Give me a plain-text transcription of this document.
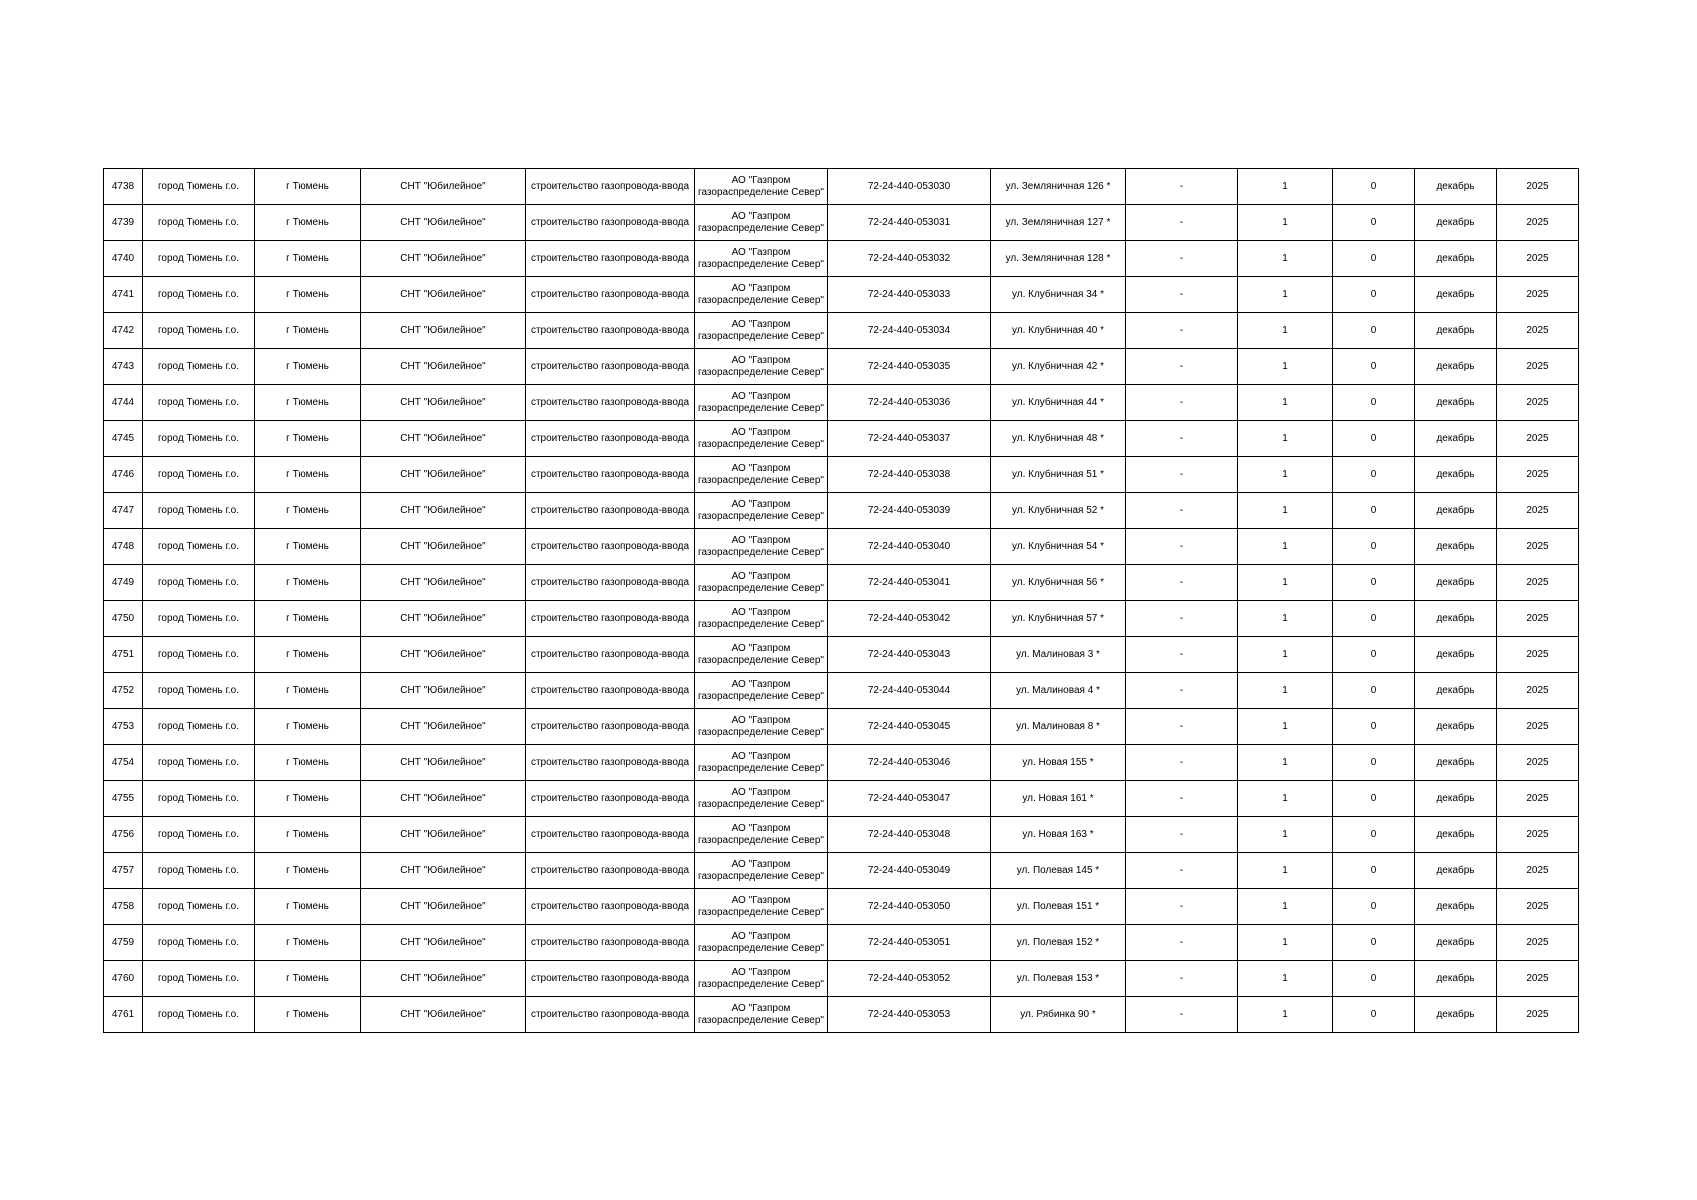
4738	город Тюмень г.о.	г Тюмень	СНТ "Юбилейное"	строительство газопровода-ввода	АО "Газпром газораспределение Север"	72-24-440-053030	ул. Земляничная 126 *	-	1	0	декабрь	2025
4739	город Тюмень г.о.	г Тюмень	СНТ "Юбилейное"	строительство газопровода-ввода	АО "Газпром газораспределение Север"	72-24-440-053031	ул. Земляничная 127 *	-	1	0	декабрь	2025
4740	город Тюмень г.о.	г Тюмень	СНТ "Юбилейное"	строительство газопровода-ввода	АО "Газпром газораспределение Север"	72-24-440-053032	ул. Земляничная 128 *	-	1	0	декабрь	2025
4741	город Тюмень г.о.	г Тюмень	СНТ "Юбилейное"	строительство газопровода-ввода	АО "Газпром газораспределение Север"	72-24-440-053033	ул. Клубничная 34 *	-	1	0	декабрь	2025
4742	город Тюмень г.о.	г Тюмень	СНТ "Юбилейное"	строительство газопровода-ввода	АО "Газпром газораспределение Север"	72-24-440-053034	ул. Клубничная 40 *	-	1	0	декабрь	2025
4743	город Тюмень г.о.	г Тюмень	СНТ "Юбилейное"	строительство газопровода-ввода	АО "Газпром газораспределение Север"	72-24-440-053035	ул. Клубничная 42 *	-	1	0	декабрь	2025
4744	город Тюмень г.о.	г Тюмень	СНТ "Юбилейное"	строительство газопровода-ввода	АО "Газпром газораспределение Север"	72-24-440-053036	ул. Клубничная 44 *	-	1	0	декабрь	2025
4745	город Тюмень г.о.	г Тюмень	СНТ "Юбилейное"	строительство газопровода-ввода	АО "Газпром газораспределение Север"	72-24-440-053037	ул. Клубничная 48 *	-	1	0	декабрь	2025
4746	город Тюмень г.о.	г Тюмень	СНТ "Юбилейное"	строительство газопровода-ввода	АО "Газпром газораспределение Север"	72-24-440-053038	ул. Клубничная 51 *	-	1	0	декабрь	2025
4747	город Тюмень г.о.	г Тюмень	СНТ "Юбилейное"	строительство газопровода-ввода	АО "Газпром газораспределение Север"	72-24-440-053039	ул. Клубничная 52 *	-	1	0	декабрь	2025
4748	город Тюмень г.о.	г Тюмень	СНТ "Юбилейное"	строительство газопровода-ввода	АО "Газпром газораспределение Север"	72-24-440-053040	ул. Клубничная 54 *	-	1	0	декабрь	2025
4749	город Тюмень г.о.	г Тюмень	СНТ "Юбилейное"	строительство газопровода-ввода	АО "Газпром газораспределение Север"	72-24-440-053041	ул. Клубничная 56 *	-	1	0	декабрь	2025
4750	город Тюмень г.о.	г Тюмень	СНТ "Юбилейное"	строительство газопровода-ввода	АО "Газпром газораспределение Север"	72-24-440-053042	ул. Клубничная 57 *	-	1	0	декабрь	2025
4751	город Тюмень г.о.	г Тюмень	СНТ "Юбилейное"	строительство газопровода-ввода	АО "Газпром газораспределение Север"	72-24-440-053043	ул. Малиновая 3 *	-	1	0	декабрь	2025
4752	город Тюмень г.о.	г Тюмень	СНТ "Юбилейное"	строительство газопровода-ввода	АО "Газпром газораспределение Север"	72-24-440-053044	ул. Малиновая 4 *	-	1	0	декабрь	2025
4753	город Тюмень г.о.	г Тюмень	СНТ "Юбилейное"	строительство газопровода-ввода	АО "Газпром газораспределение Север"	72-24-440-053045	ул. Малиновая 8 *	-	1	0	декабрь	2025
4754	город Тюмень г.о.	г Тюмень	СНТ "Юбилейное"	строительство газопровода-ввода	АО "Газпром газораспределение Север"	72-24-440-053046	ул. Новая 155 *	-	1	0	декабрь	2025
4755	город Тюмень г.о.	г Тюмень	СНТ "Юбилейное"	строительство газопровода-ввода	АО "Газпром газораспределение Север"	72-24-440-053047	ул. Новая 161 *	-	1	0	декабрь	2025
4756	город Тюмень г.о.	г Тюмень	СНТ "Юбилейное"	строительство газопровода-ввода	АО "Газпром газораспределение Север"	72-24-440-053048	ул. Новая 163 *	-	1	0	декабрь	2025
4757	город Тюмень г.о.	г Тюмень	СНТ "Юбилейное"	строительство газопровода-ввода	АО "Газпром газораспределение Север"	72-24-440-053049	ул. Полевая 145 *	-	1	0	декабрь	2025
4758	город Тюмень г.о.	г Тюмень	СНТ "Юбилейное"	строительство газопровода-ввода	АО "Газпром газораспределение Север"	72-24-440-053050	ул. Полевая 151 *	-	1	0	декабрь	2025
4759	город Тюмень г.о.	г Тюмень	СНТ "Юбилейное"	строительство газопровода-ввода	АО "Газпром газораспределение Север"	72-24-440-053051	ул. Полевая 152 *	-	1	0	декабрь	2025
4760	город Тюмень г.о.	г Тюмень	СНТ "Юбилейное"	строительство газопровода-ввода	АО "Газпром газораспределение Север"	72-24-440-053052	ул. Полевая 153 *	-	1	0	декабрь	2025
4761	город Тюмень г.о.	г Тюмень	СНТ "Юбилейное"	строительство газопровода-ввода	АО "Газпром газораспределение Север"	72-24-440-053053	ул. Рябинка 90 *	-	1	0	декабрь	2025
